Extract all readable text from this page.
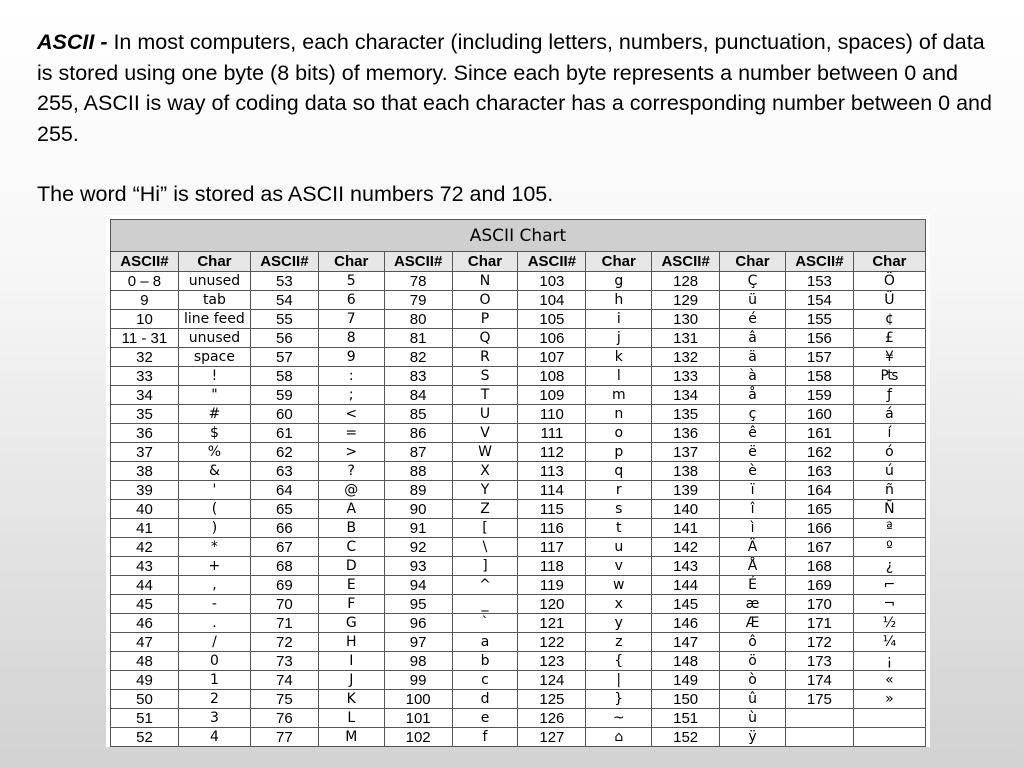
ASCII - In most computers, each character (including letters, numbers, punctuation, spaces) of data is stored using one byte (8 bits) of memory. Since each byte represents a number between 0 and 255, ASCII is way of coding data so that each character has a corresponding number between 0 and 255.

The word “Hi” is stored as ASCII numbers 72 and 105.

ASCII Chart
ASCII#	Char	ASCII#	Char	ASCII#	Char	ASCII#	Char	ASCII#	Char	ASCII#	Char
0 – 8	unused	53	5	78	N	103	g	128	Ç	153	Ö
9	tab	54	6	79	O	104	h	129	ü	154	Ü
10	line feed	55	7	80	P	105	i	130	é	155	¢
11 - 31	unused	56	8	81	Q	106	j	131	â	156	£
32	space	57	9	82	R	107	k	132	ä	157	¥
33	!	58	:	83	S	108	l	133	à	158	₧
34	"	59	;	84	T	109	m	134	å	159	ƒ
35	#	60	<	85	U	110	n	135	ç	160	á
36	$	61	=	86	V	111	o	136	ê	161	í
37	%	62	>	87	W	112	p	137	ë	162	ó
38	&	63	?	88	X	113	q	138	è	163	ú
39	'	64	@	89	Y	114	r	139	ï	164	ñ
40	(	65	A	90	Z	115	s	140	î	165	Ñ
41	)	66	B	91	[	116	t	141	ì	166	ª
42	*	67	C	92	\	117	u	142	Ä	167	º
43	+	68	D	93	]	118	v	143	Å	168	¿
44	,	69	E	94	^	119	w	144	É	169	⌐
45	-	70	F	95	_	120	x	145	æ	170	¬
46	.	71	G	96	`	121	y	146	Æ	171	½
47	/	72	H	97	a	122	z	147	ô	172	¼
48	0	73	I	98	b	123	{	148	ö	173	¡
49	1	74	J	99	c	124	|	149	ò	174	«
50	2	75	K	100	d	125	}	150	û	175	»
51	3	76	L	101	e	126	~	151	ù		
52	4	77	M	102	f	127	⌂	152	ÿ		
